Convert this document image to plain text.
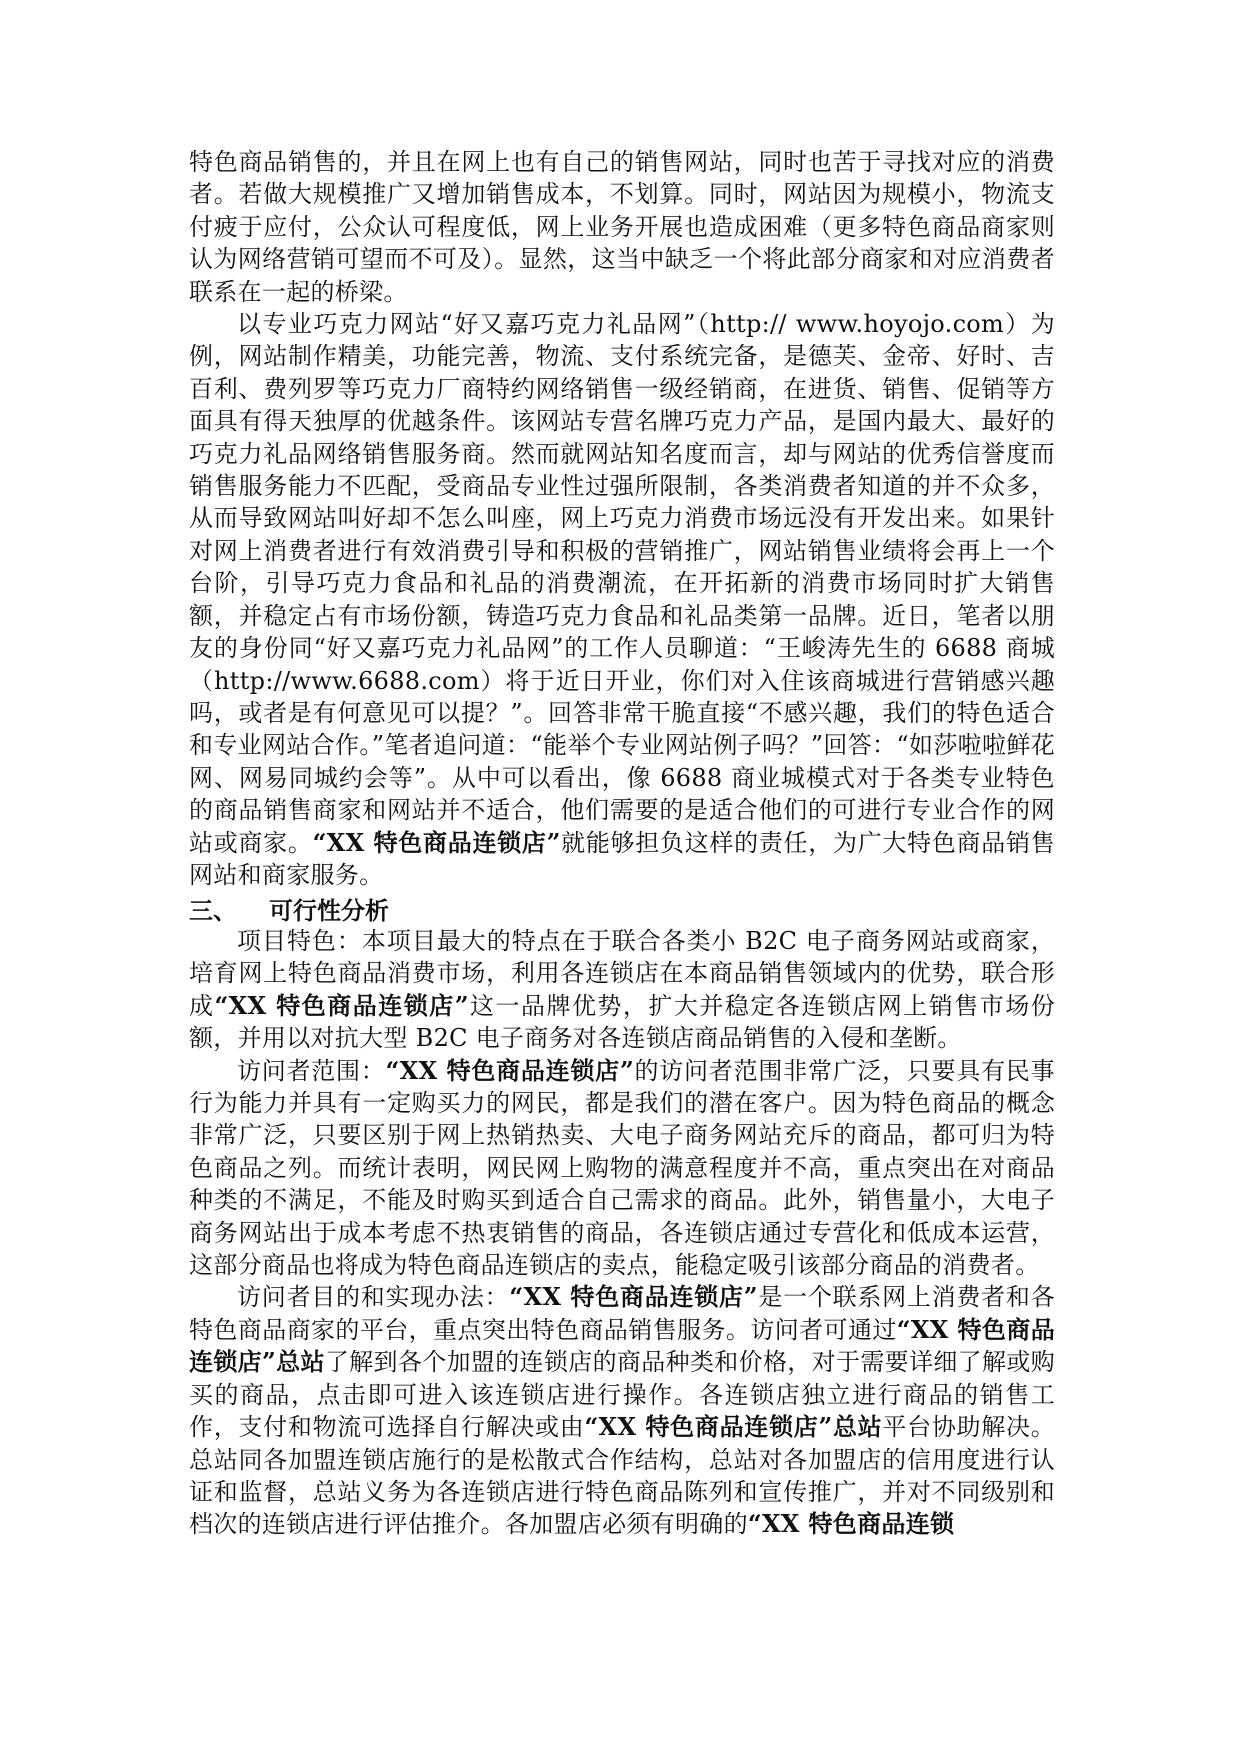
特色商品销售的，并且在网上也有自己的销售网站，同时也苦于寻找对应的消费者。若做大规模推广又增加销售成本，不划算。同时，网站因为规模小，物流支付疲于应付，公众认可程度低，网上业务开展也造成困难（更多特色商品商家则认为网络营销可望而不可及）。显然，这当中缺乏一个将此部分商家和对应消费者联系在一起的桥梁。

以专业巧克力网站“好又嘉巧克力礼品网”（http:// www.hoyojo.com）为例，网站制作精美，功能完善，物流、支付系统完备，是德芙、金帝、好时、吉百利、费列罗等巧克力厂商特约网络销售一级经销商，在进货、销售、促销等方面具有得天独厚的优越条件。该网站专营名牌巧克力产品，是国内最大、最好的巧克力礼品网络销售服务商。然而就网站知名度而言，却与网站的优秀信誉度而销售服务能力不匹配，受商品专业性过强所限制，各类消费者知道的并不众多，从而导致网站叫好却不怎么叫座，网上巧克力消费市场远没有开发出来。如果针对网上消费者进行有效消费引导和积极的营销推广，网站销售业绩将会再上一个台阶，引导巧克力食品和礼品的消费潮流，在开拓新的消费市场同时扩大销售额，并稳定占有市场份额，铸造巧克力食品和礼品类第一品牌。近日，笔者以朋友的身份同“好又嘉巧克力礼品网”的工作人员聊道：“王峻涛先生的 6688 商城（http://www.6688.com）将于近日开业，你们对入住该商城进行营销感兴趣吗，或者是有何意见可以提？”。回答非常干脆直接“不感兴趣，我们的特色适合和专业网站合作。”笔者追问道：“能举个专业网站例子吗？”回答：“如莎啦啦鲜花网、网易同城约会等”。从中可以看出，像 6688 商业城模式对于各类专业特色的商品销售商家和网站并不适合，他们需要的是适合他们的可进行专业合作的网站或商家。“XX 特色商品连锁店”就能够担负这样的责任，为广大特色商品销售网站和商家服务。

三、 可行性分析

项目特色：本项目最大的特点在于联合各类小 B2C 电子商务网站或商家，培育网上特色商品消费市场，利用各连锁店在本商品销售领域内的优势，联合形成“XX 特色商品连锁店”这一品牌优势，扩大并稳定各连锁店网上销售市场份额，并用以对抗大型 B2C 电子商务对各连锁店商品销售的入侵和垄断。

访问者范围：“XX 特色商品连锁店”的访问者范围非常广泛，只要具有民事行为能力并具有一定购买力的网民，都是我们的潜在客户。因为特色商品的概念非常广泛，只要区别于网上热销热卖、大电子商务网站充斥的商品，都可归为特色商品之列。而统计表明，网民网上购物的满意程度并不高，重点突出在对商品种类的不满足，不能及时购买到适合自己需求的商品。此外，销售量小，大电子商务网站出于成本考虑不热衷销售的商品，各连锁店通过专营化和低成本运营，这部分商品也将成为特色商品连锁店的卖点，能稳定吸引该部分商品的消费者。

访问者目的和实现办法：“XX 特色商品连锁店”是一个联系网上消费者和各特色商品商家的平台，重点突出特色商品销售服务。访问者可通过“XX 特色商品连锁店”总站了解到各个加盟的连锁店的商品种类和价格，对于需要详细了解或购买的商品，点击即可进入该连锁店进行操作。各连锁店独立进行商品的销售工作，支付和物流可选择自行解决或由“XX 特色商品连锁店”总站平台协助解决。总站同各加盟连锁店施行的是松散式合作结构，总站对各加盟店的信用度进行认证和监督，总站义务为各连锁店进行特色商品陈列和宣传推广，并对不同级别和档次的连锁店进行评估推介。各加盟店必须有明确的“XX 特色商品连锁
